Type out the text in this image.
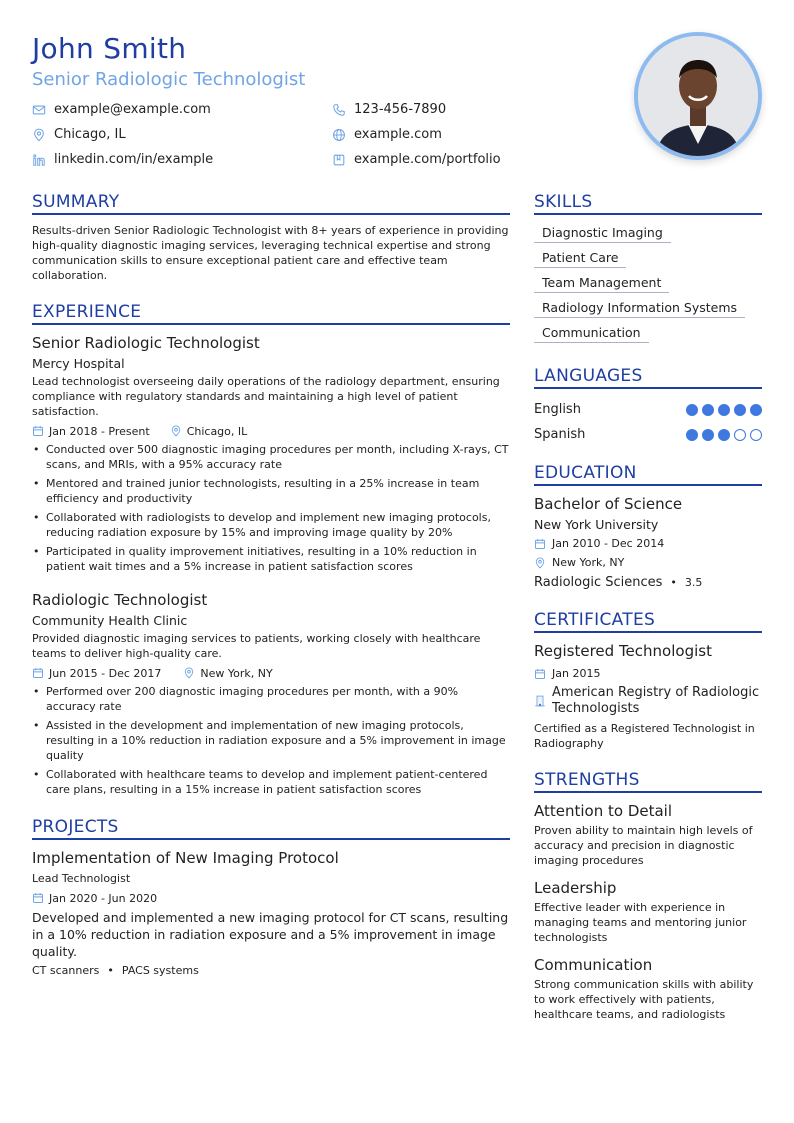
John Smith
Senior Radiologic Technologist
example@example.com	123-456-7890
Chicago, IL	example.com
linkedin.com/in/example	example.com/portfolio
SUMMARY
Results-driven Senior Radiologic Technologist with 8+ years of experience in providing high-quality diagnostic imaging services, leveraging technical expertise and strong communication skills to ensure exceptional patient care and effective team collaboration.
EXPERIENCE
Senior Radiologic Technologist
Mercy Hospital
Lead technologist overseeing daily operations of the radiology department, ensuring compliance with regulatory standards and maintaining a high level of patient satisfaction.
Jan 2018 - Present	Chicago, IL
• Conducted over 500 diagnostic imaging procedures per month, including X-rays, CT scans, and MRIs, with a 95% accuracy rate
• Mentored and trained junior technologists, resulting in a 25% increase in team efficiency and productivity
• Collaborated with radiologists to develop and implement new imaging protocols, reducing radiation exposure by 15% and improving image quality by 20%
• Participated in quality improvement initiatives, resulting in a 10% reduction in patient wait times and a 5% increase in patient satisfaction scores
Radiologic Technologist
Community Health Clinic
Provided diagnostic imaging services to patients, working closely with healthcare teams to deliver high-quality care.
Jun 2015 - Dec 2017	New York, NY
• Performed over 200 diagnostic imaging procedures per month, with a 90% accuracy rate
• Assisted in the development and implementation of new imaging protocols, resulting in a 10% reduction in radiation exposure and a 5% improvement in image quality
• Collaborated with healthcare teams to develop and implement patient-centered care plans, resulting in a 15% increase in patient satisfaction scores
PROJECTS
Implementation of New Imaging Protocol
Lead Technologist
Jan 2020 - Jun 2020
Developed and implemented a new imaging protocol for CT scans, resulting in a 10% reduction in radiation exposure and a 5% improvement in image quality.
CT scanners • PACS systems
SKILLS
Diagnostic Imaging
Patient Care
Team Management
Radiology Information Systems
Communication
LANGUAGES
English
Spanish
EDUCATION
Bachelor of Science
New York University
Jan 2010 - Dec 2014
New York, NY
Radiologic Sciences • 3.5
CERTIFICATES
Registered Technologist
Jan 2015
American Registry of Radiologic Technologists
Certified as a Registered Technologist in Radiography
STRENGTHS
Attention to Detail
Proven ability to maintain high levels of accuracy and precision in diagnostic imaging procedures
Leadership
Effective leader with experience in managing teams and mentoring junior technologists
Communication
Strong communication skills with ability to work effectively with patients, healthcare teams, and radiologists
